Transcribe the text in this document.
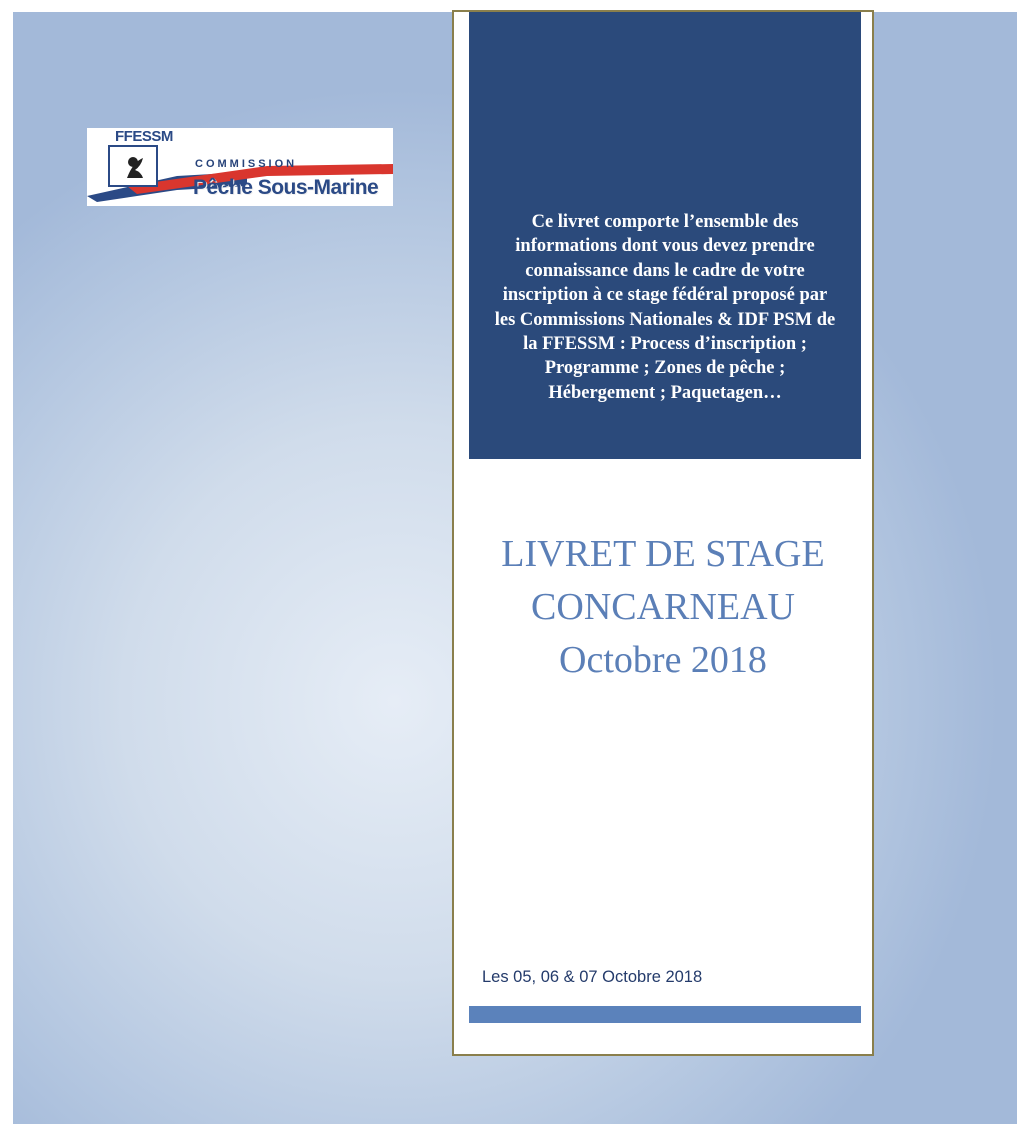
FFESSM
COMMISSION
Pêche Sous-Marine
Ce livret comporte l’ensemble des informations dont vous devez prendre connaissance dans le cadre de votre inscription à ce stage fédéral proposé par les Commissions Nationales & IDF PSM de la FFESSM : Process d’inscription ; Programme ; Zones de pêche ; Hébergement ; Paquetagen…
LIVRET DE STAGE
CONCARNEAU
Octobre 2018
Les 05, 06 & 07 Octobre 2018
